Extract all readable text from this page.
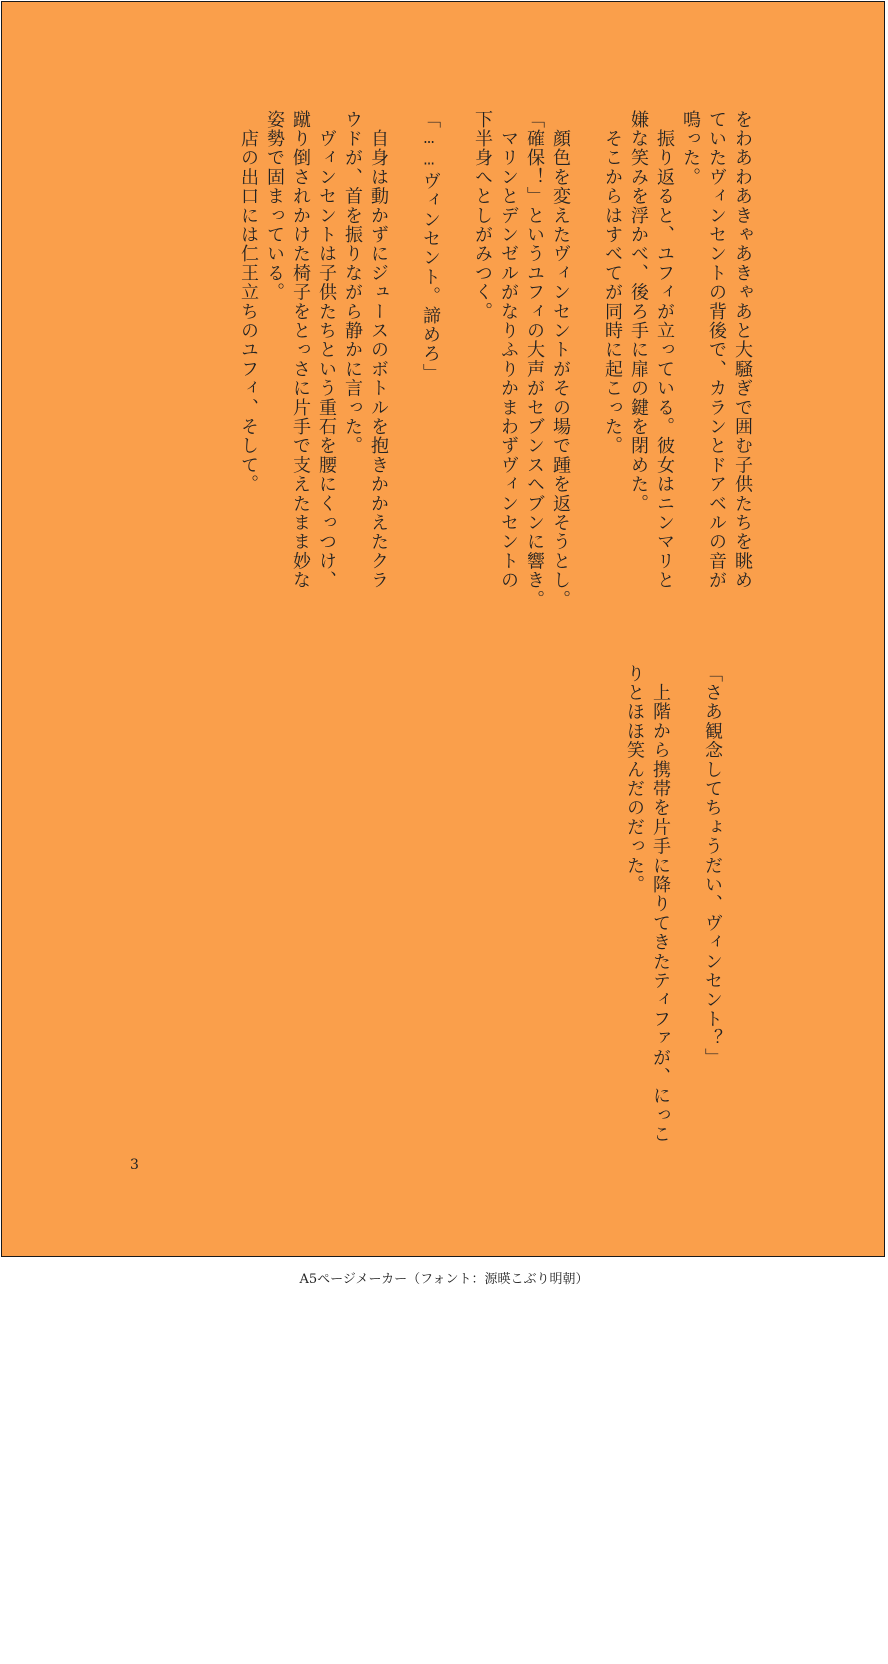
をわあわあきゃあきゃあと大騒ぎで囲む子供たちを眺め
ていたヴィンセントの背後で、カランとドアベルの音が
鳴った。
　振り返ると、ユフィが立っている。彼女はニンマリと
嫌な笑みを浮かべ、後ろ手に扉の鍵を閉めた。
　そこからはすべてが同時に起こった。

　顔色を変えたヴィンセントがその場で踵を返そうとし。
「確保！」というユフィの大声がセブンスヘブンに響き。
　マリンとデンゼルがなりふりかまわずヴィンセントの
下半身へとしがみつく。

「……ヴィンセント。諦めろ」

　自身は動かずにジュースのボトルを抱きかかえたクラ
ウドが、首を振りながら静かに言った。
　ヴィンセントは子供たちという重石を腰にくっつけ、
蹴り倒されかけた椅子をとっさに片手で支えたまま妙な
姿勢で固まっている。
　店の出口には仁王立ちのユフィ、そして。
「さあ観念してちょうだい、ヴィンセント？」

　上階から携帯を片手に降りてきたティファが、にっこ
りとほほ笑んだのだった。
3
A5ページメーカー（フォント：源暎こぶり明朝）
